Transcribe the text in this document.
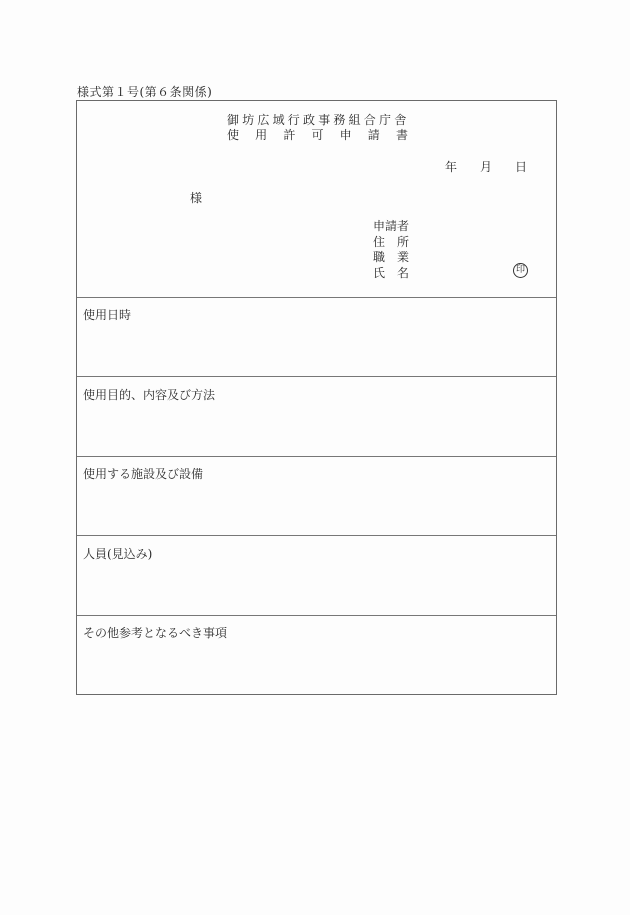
様式第１号(第６条関係)
御坊広域行政事務組合庁舎
使 用 許 可 申 請 書
年 月 日
様
申請者
住 所
職 業
氏 名	印
使用日時
使用目的、内容及び方法
使用する施設及び設備
人員(見込み)
その他参考となるべき事項
